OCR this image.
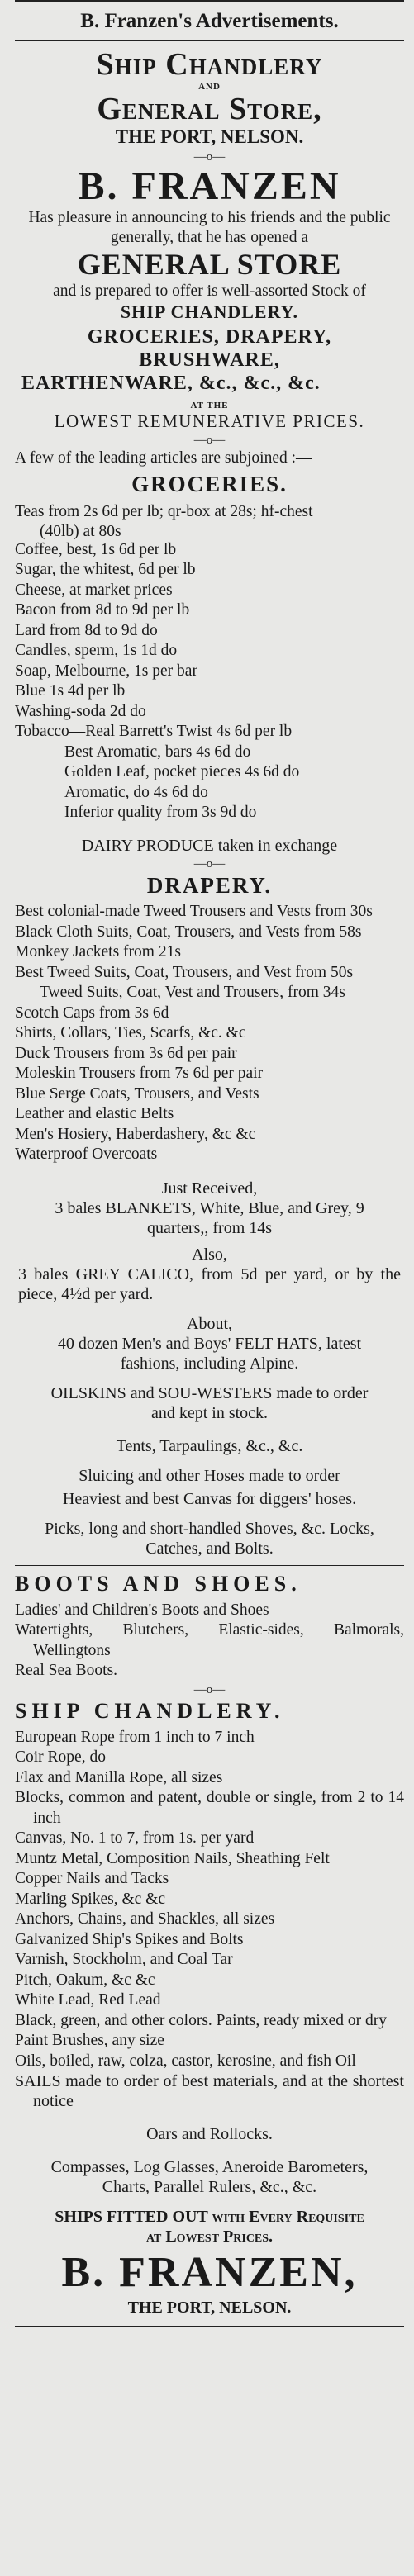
B. Franzen's Advertisements.
Ship Chandlery
AND
General Store,
THE PORT, NELSON.
—o—
B. FRANZEN
Has pleasure in announcing to his friends and the public generally, that he has opened a
GENERAL STORE
and is prepared to offer is well-assorted Stock of
SHIP CHANDLERY.
GROCERIES, DRAPERY,
BRUSHWARE,
EARTHENWARE, &c., &c., &c.
AT THE
LOWEST REMUNERATIVE PRICES.
—o—
A few of the leading articles are subjoined :—
GROCERIES.
Teas from 2s 6d per lb; qr-box at 28s; hf-chest
(40lb) at 80s
Coffee, best, 1s 6d per lb
Sugar, the whitest, 6d per lb
Cheese, at market prices
Bacon from 8d to 9d per lb
Lard from 8d to 9d do
Candles, sperm, 1s 1d do
Soap, Melbourne, 1s per bar
Blue 1s 4d per lb
Washing-soda 2d do
Tobacco—Real Barrett's Twist 4s 6d per lb
Best Aromatic, bars 4s 6d do
Golden Leaf, pocket pieces 4s 6d do
Aromatic, do 4s 6d do
Inferior quality from 3s 9d do
DAIRY PRODUCE taken in exchange
—o—
DRAPERY.
Best colonial-made Tweed Trousers and Vests from 30s
Black Cloth Suits, Coat, Trousers, and Vests from 58s
Monkey Jackets from 21s
Best Tweed Suits, Coat, Trousers, and Vest from 50s
Tweed Suits, Coat, Vest and Trousers, from 34s
Scotch Caps from 3s 6d
Shirts, Collars, Ties, Scarfs, &c. &c
Duck Trousers from 3s 6d per pair
Moleskin Trousers from 7s 6d per pair
Blue Serge Coats, Trousers, and Vests
Leather and elastic Belts
Men's Hosiery, Haberdashery, &c &c
Waterproof Overcoats
Just Received,
3 bales BLANKETS, White, Blue, and Grey, 9 quarters,, from 14s
Also,
3 bales GREY CALICO, from 5d per yard, or by the piece, 4½d per yard.
About,
40 dozen Men's and Boys' FELT HATS, latest fashions, including Alpine.
OILSKINS and SOU-WESTERS made to order and kept in stock.
Tents, Tarpaulings, &c., &c.
Sluicing and other Hoses made to order
Heaviest and best Canvas for diggers' hoses.
Picks, long and short-handled Shoves, &c. Locks, Catches, and Bolts.
BOOTS AND SHOES.
Ladies' and Children's Boots and Shoes
Watertights, Blutchers, Elastic-sides, Balmorals, Wellingtons
Real Sea Boots.
—o—
SHIP CHANDLERY.
European Rope from 1 inch to 7 inch
Coir Rope, do
Flax and Manilla Rope, all sizes
Blocks, common and patent, double or single, from 2 to 14 inch
Canvas, No. 1 to 7, from 1s. per yard
Muntz Metal, Composition Nails, Sheathing Felt
Copper Nails and Tacks
Marling Spikes, &c &c
Anchors, Chains, and Shackles, all sizes
Galvanized Ship's Spikes and Bolts
Varnish, Stockholm, and Coal Tar
Pitch, Oakum, &c &c
White Lead, Red Lead
Black, green, and other colors. Paints, ready mixed or dry
Paint Brushes, any size
Oils, boiled, raw, colza, castor, kerosine, and fish Oil
SAILS made to order of best materials, and at the shortest notice
Oars and Rollocks.
Compasses, Log Glasses, Aneroide Barometers, Charts, Parallel Rulers, &c., &c.
SHIPS FITTED OUT with Every Requisite at Lowest Prices.
B. FRANZEN,
THE PORT, NELSON.
